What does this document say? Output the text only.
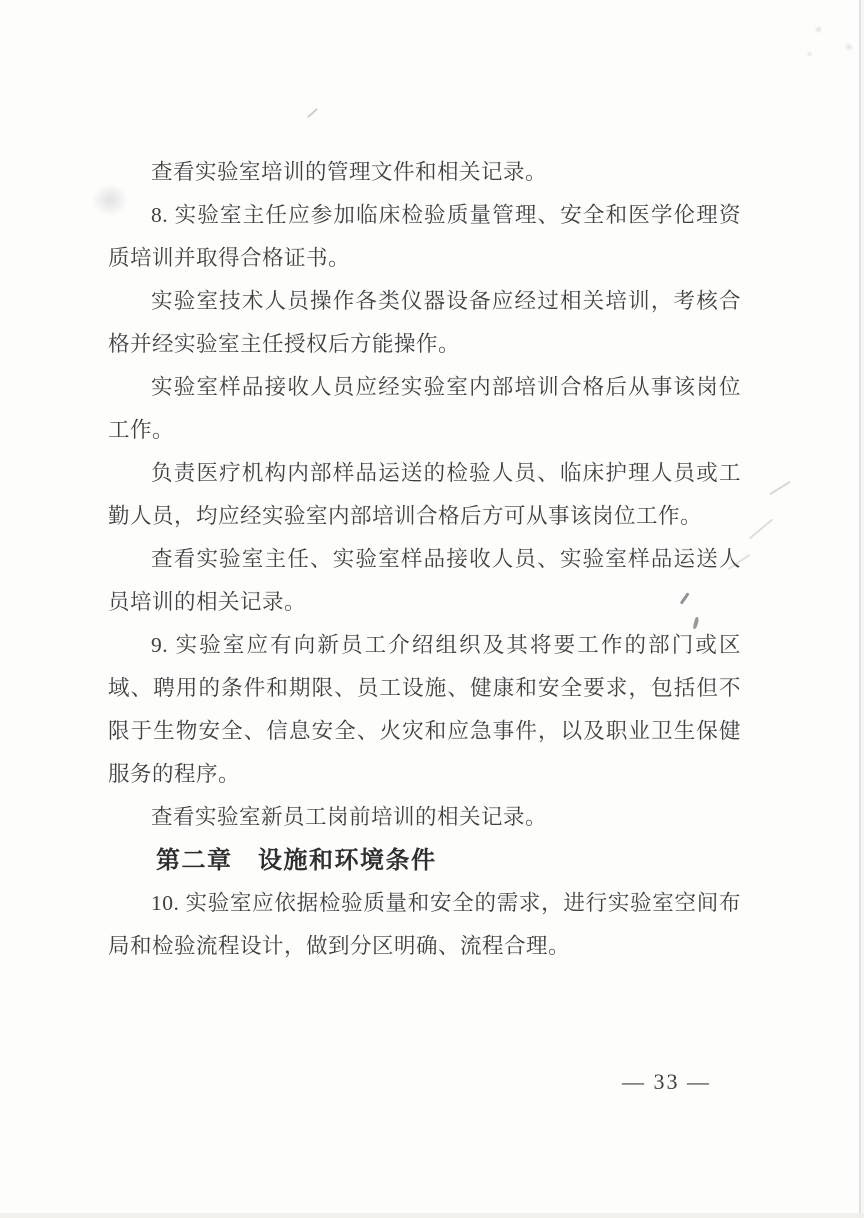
查看实验室培训的管理文件和相关记录。

8. 实验室主任应参加临床检验质量管理、安全和医学伦理资质培训并取得合格证书。

实验室技术人员操作各类仪器设备应经过相关培训，考核合格并经实验室主任授权后方能操作。

实验室样品接收人员应经实验室内部培训合格后从事该岗位工作。

负责医疗机构内部样品运送的检验人员、临床护理人员或工勤人员，均应经实验室内部培训合格后方可从事该岗位工作。

查看实验室主任、实验室样品接收人员、实验室样品运送人员培训的相关记录。

9. 实验室应有向新员工介绍组织及其将要工作的部门或区域、聘用的条件和期限、员工设施、健康和安全要求，包括但不限于生物安全、信息安全、火灾和应急事件，以及职业卫生保健服务的程序。

查看实验室新员工岗前培训的相关记录。

第二章　设施和环境条件

10. 实验室应依据检验质量和安全的需求，进行实验室空间布局和检验流程设计，做到分区明确、流程合理。

— 33 —
